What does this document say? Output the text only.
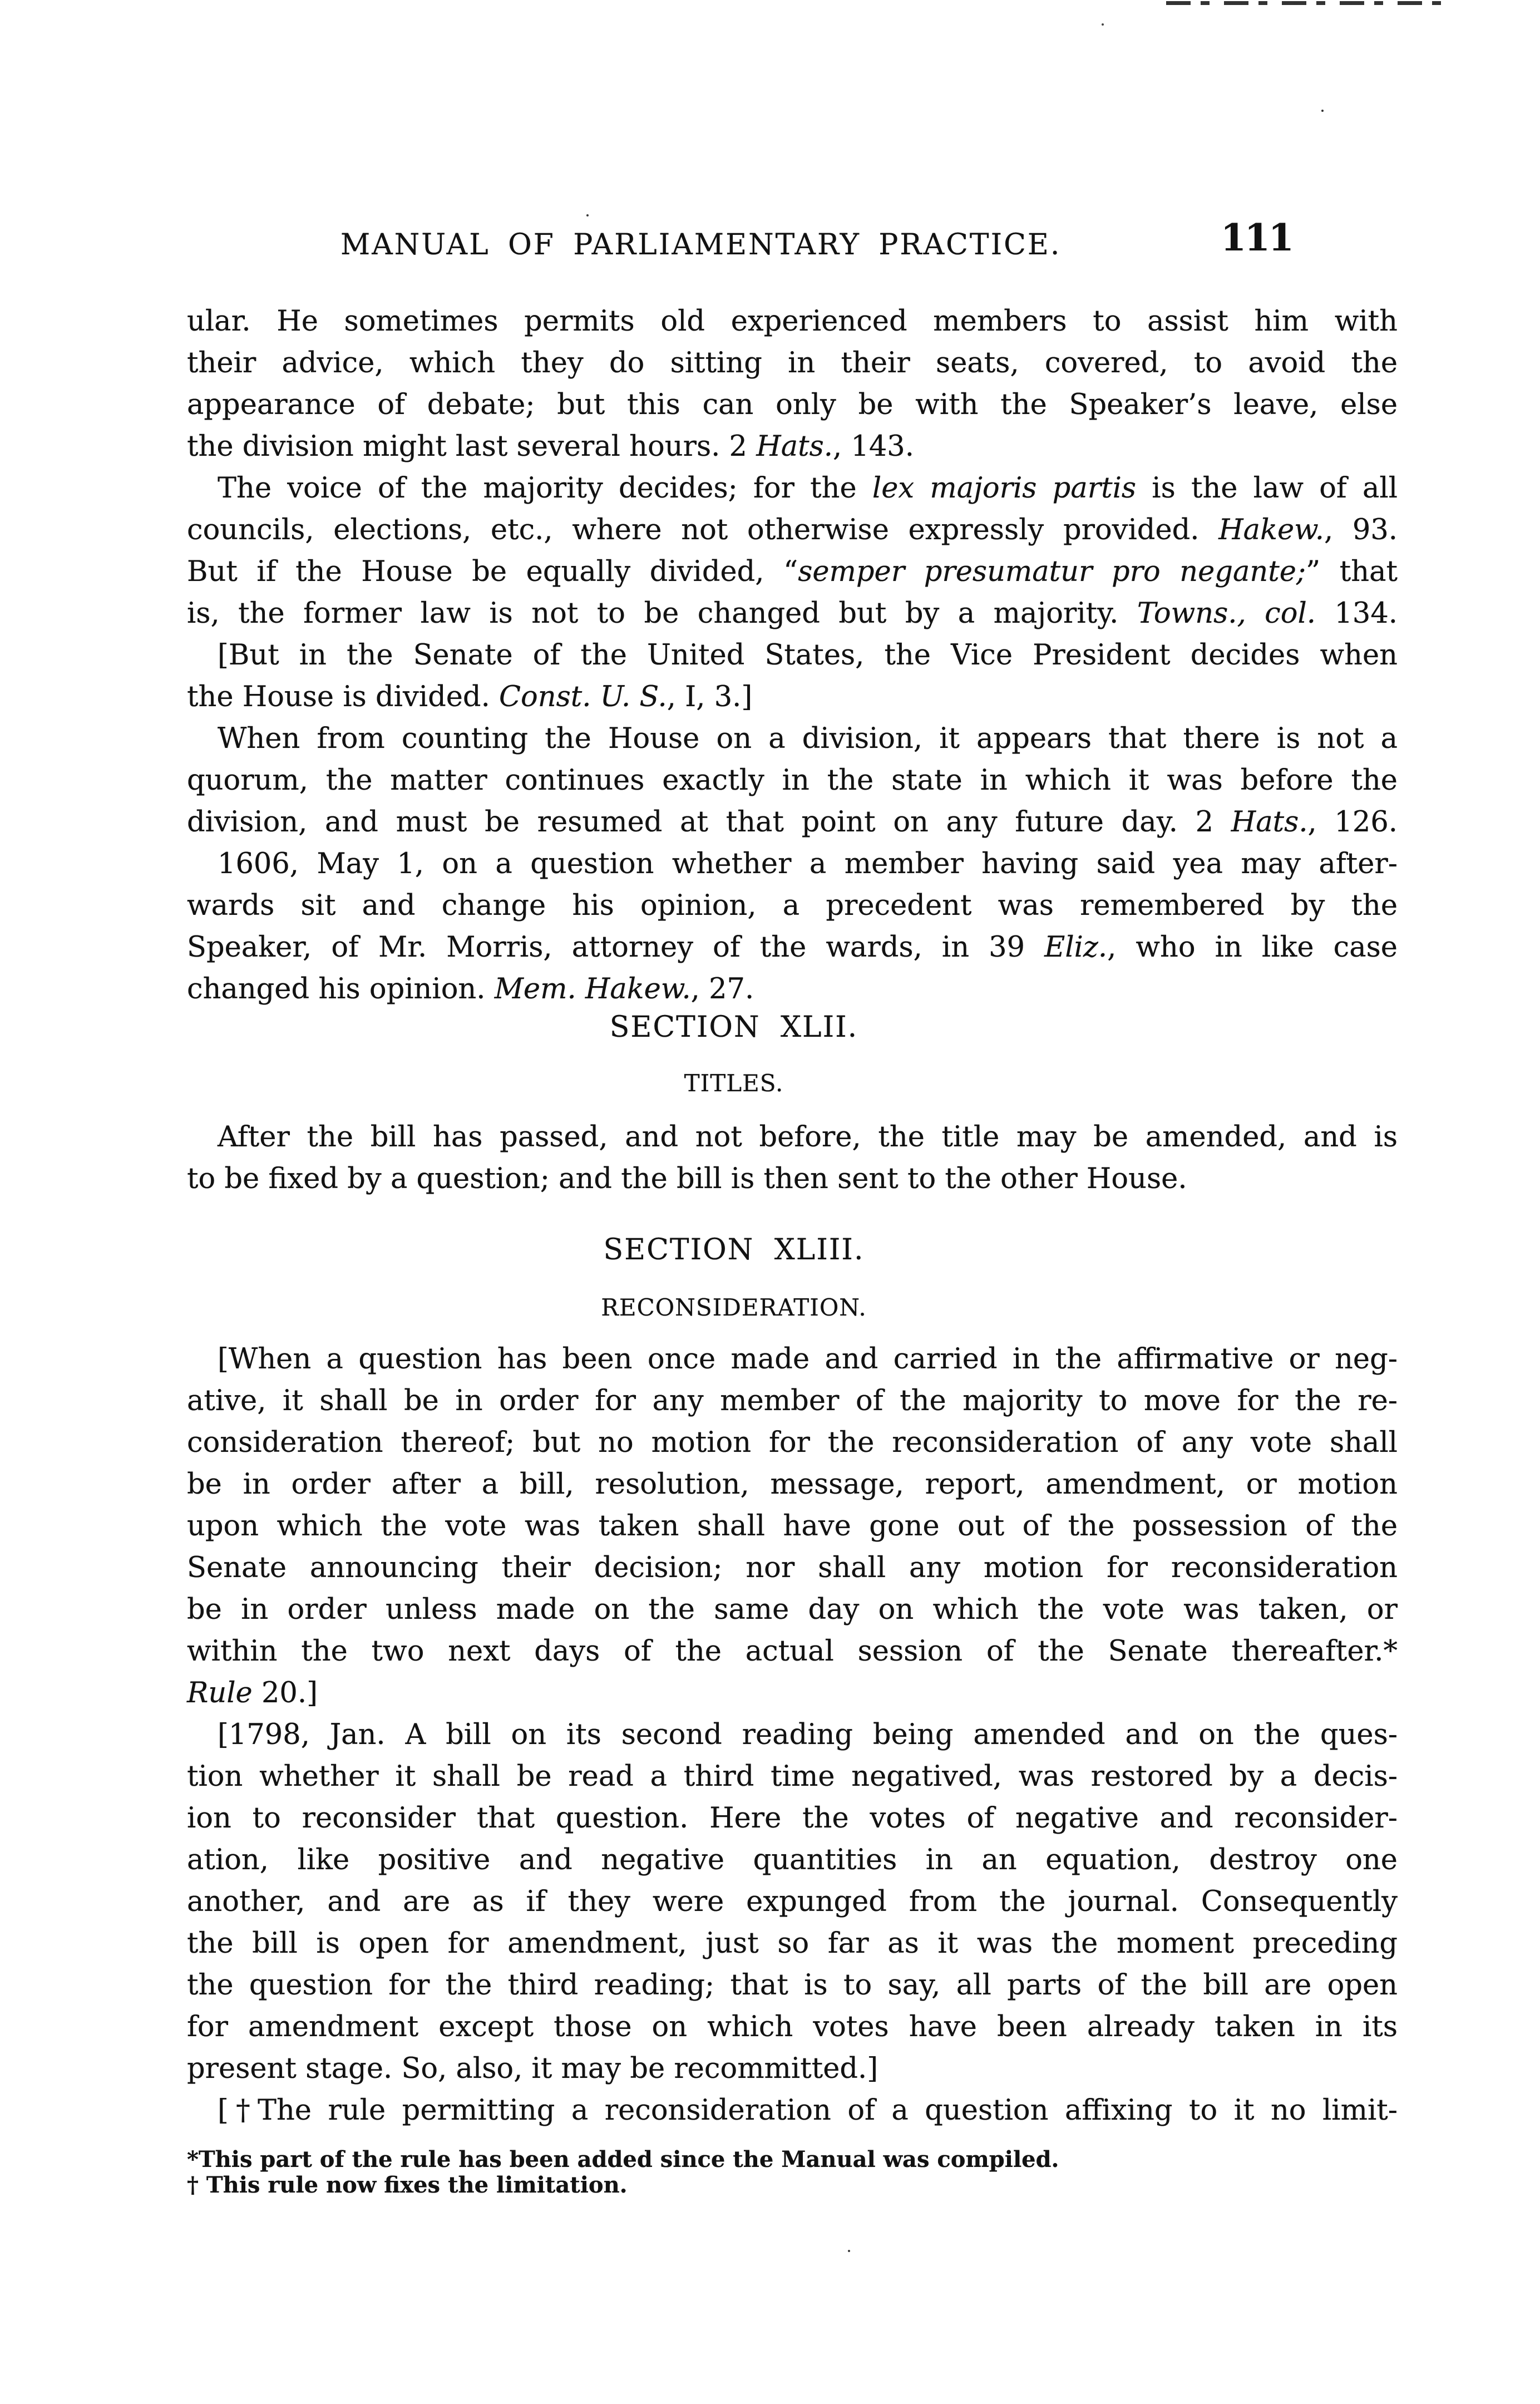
MANUAL OF PARLIAMENTARY PRACTICE.	111
ular. He sometimes permits old experienced members to assist him with
their advice, which they do sitting in their seats, covered, to avoid the
appearance of debate; but this can only be with the Speaker’s leave, else
the division might last several hours. 2 Hats., 143.
The voice of the majority decides; for the lex majoris partis is the law of all
councils, elections, etc., where not otherwise expressly provided. Hakew., 93.
But if the House be equally divided, “semper presumatur pro negante;” that
is, the former law is not to be changed but by a majority. Towns., col. 134.
[But in the Senate of the United States, the Vice President decides when
the House is divided. Const. U. S., I, 3.]
When from counting the House on a division, it appears that there is not a
quorum, the matter continues exactly in the state in which it was before the
division, and must be resumed at that point on any future day. 2 Hats., 126.
1606, May 1, on a question whether a member having said yea may after-
wards sit and change his opinion, a precedent was remembered by the
Speaker, of Mr. Morris, attorney of the wards, in 39 Eliz., who in like case
changed his opinion. Mem. Hakew., 27.
SECTION XLII.
TITLES.
After the bill has passed, and not before, the title may be amended, and is
to be fixed by a question; and the bill is then sent to the other House.
SECTION XLIII.
RECONSIDERATION.
[When a question has been once made and carried in the affirmative or neg-
ative, it shall be in order for any member of the majority to move for the re-
consideration thereof; but no motion for the reconsideration of any vote shall
be in order after a bill, resolution, message, report, amendment, or motion
upon which the vote was taken shall have gone out of the possession of the
Senate announcing their decision; nor shall any motion for reconsideration
be in order unless made on the same day on which the vote was taken, or
within the two next days of the actual session of the Senate thereafter.*
Rule 20.]
[1798, Jan. A bill on its second reading being amended and on the ques-
tion whether it shall be read a third time negatived, was restored by a decis-
ion to reconsider that question. Here the votes of negative and reconsider-
ation, like positive and negative quantities in an equation, destroy one
another, and are as if they were expunged from the journal. Consequently
the bill is open for amendment, just so far as it was the moment preceding
the question for the third reading; that is to say, all parts of the bill are open
for amendment except those on which votes have been already taken in its
present stage. So, also, it may be recommitted.]
[†The rule permitting a reconsideration of a question affixing to it no limit-
*This part of the rule has been added since the Manual was compiled.
† This rule now fixes the limitation.
